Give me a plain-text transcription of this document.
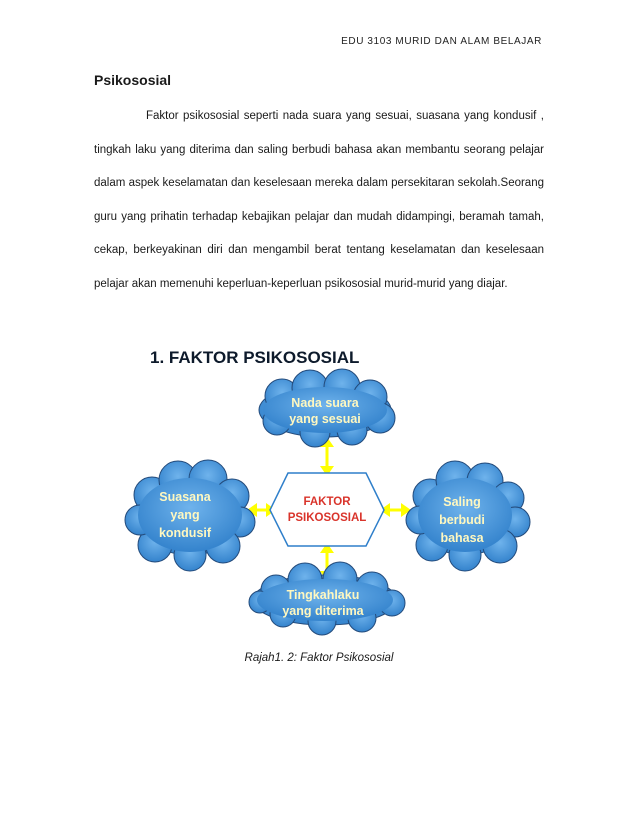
EDU 3103 MURID DAN ALAM BELAJAR
Psikososial

Faktor psikososial seperti nada suara yang sesuai, suasana yang kondusif , tingkah laku yang diterima dan saling berbudi bahasa akan membantu seorang pelajar dalam aspek keselamatan dan keselesaan mereka dalam persekitaran sekolah.Seorang guru yang prihatin terhadap kebajikan pelajar dan mudah didampingi, beramah tamah, cekap, berkeyakinan diri dan mengambil berat tentang keselamatan dan keselesaan pelajar akan memenuhi keperluan-keperluan psikososial murid-murid yang diajar.

1. FAKTOR PSIKOSOSIAL
FAKTOR
PSIKOSOSIAL
Nada suara
yang sesuai
Suasana
yang
kondusif
Saling
berbudi
bahasa
Tingkahlaku
yang diterima
Rajah1. 2: Faktor Psikososial
